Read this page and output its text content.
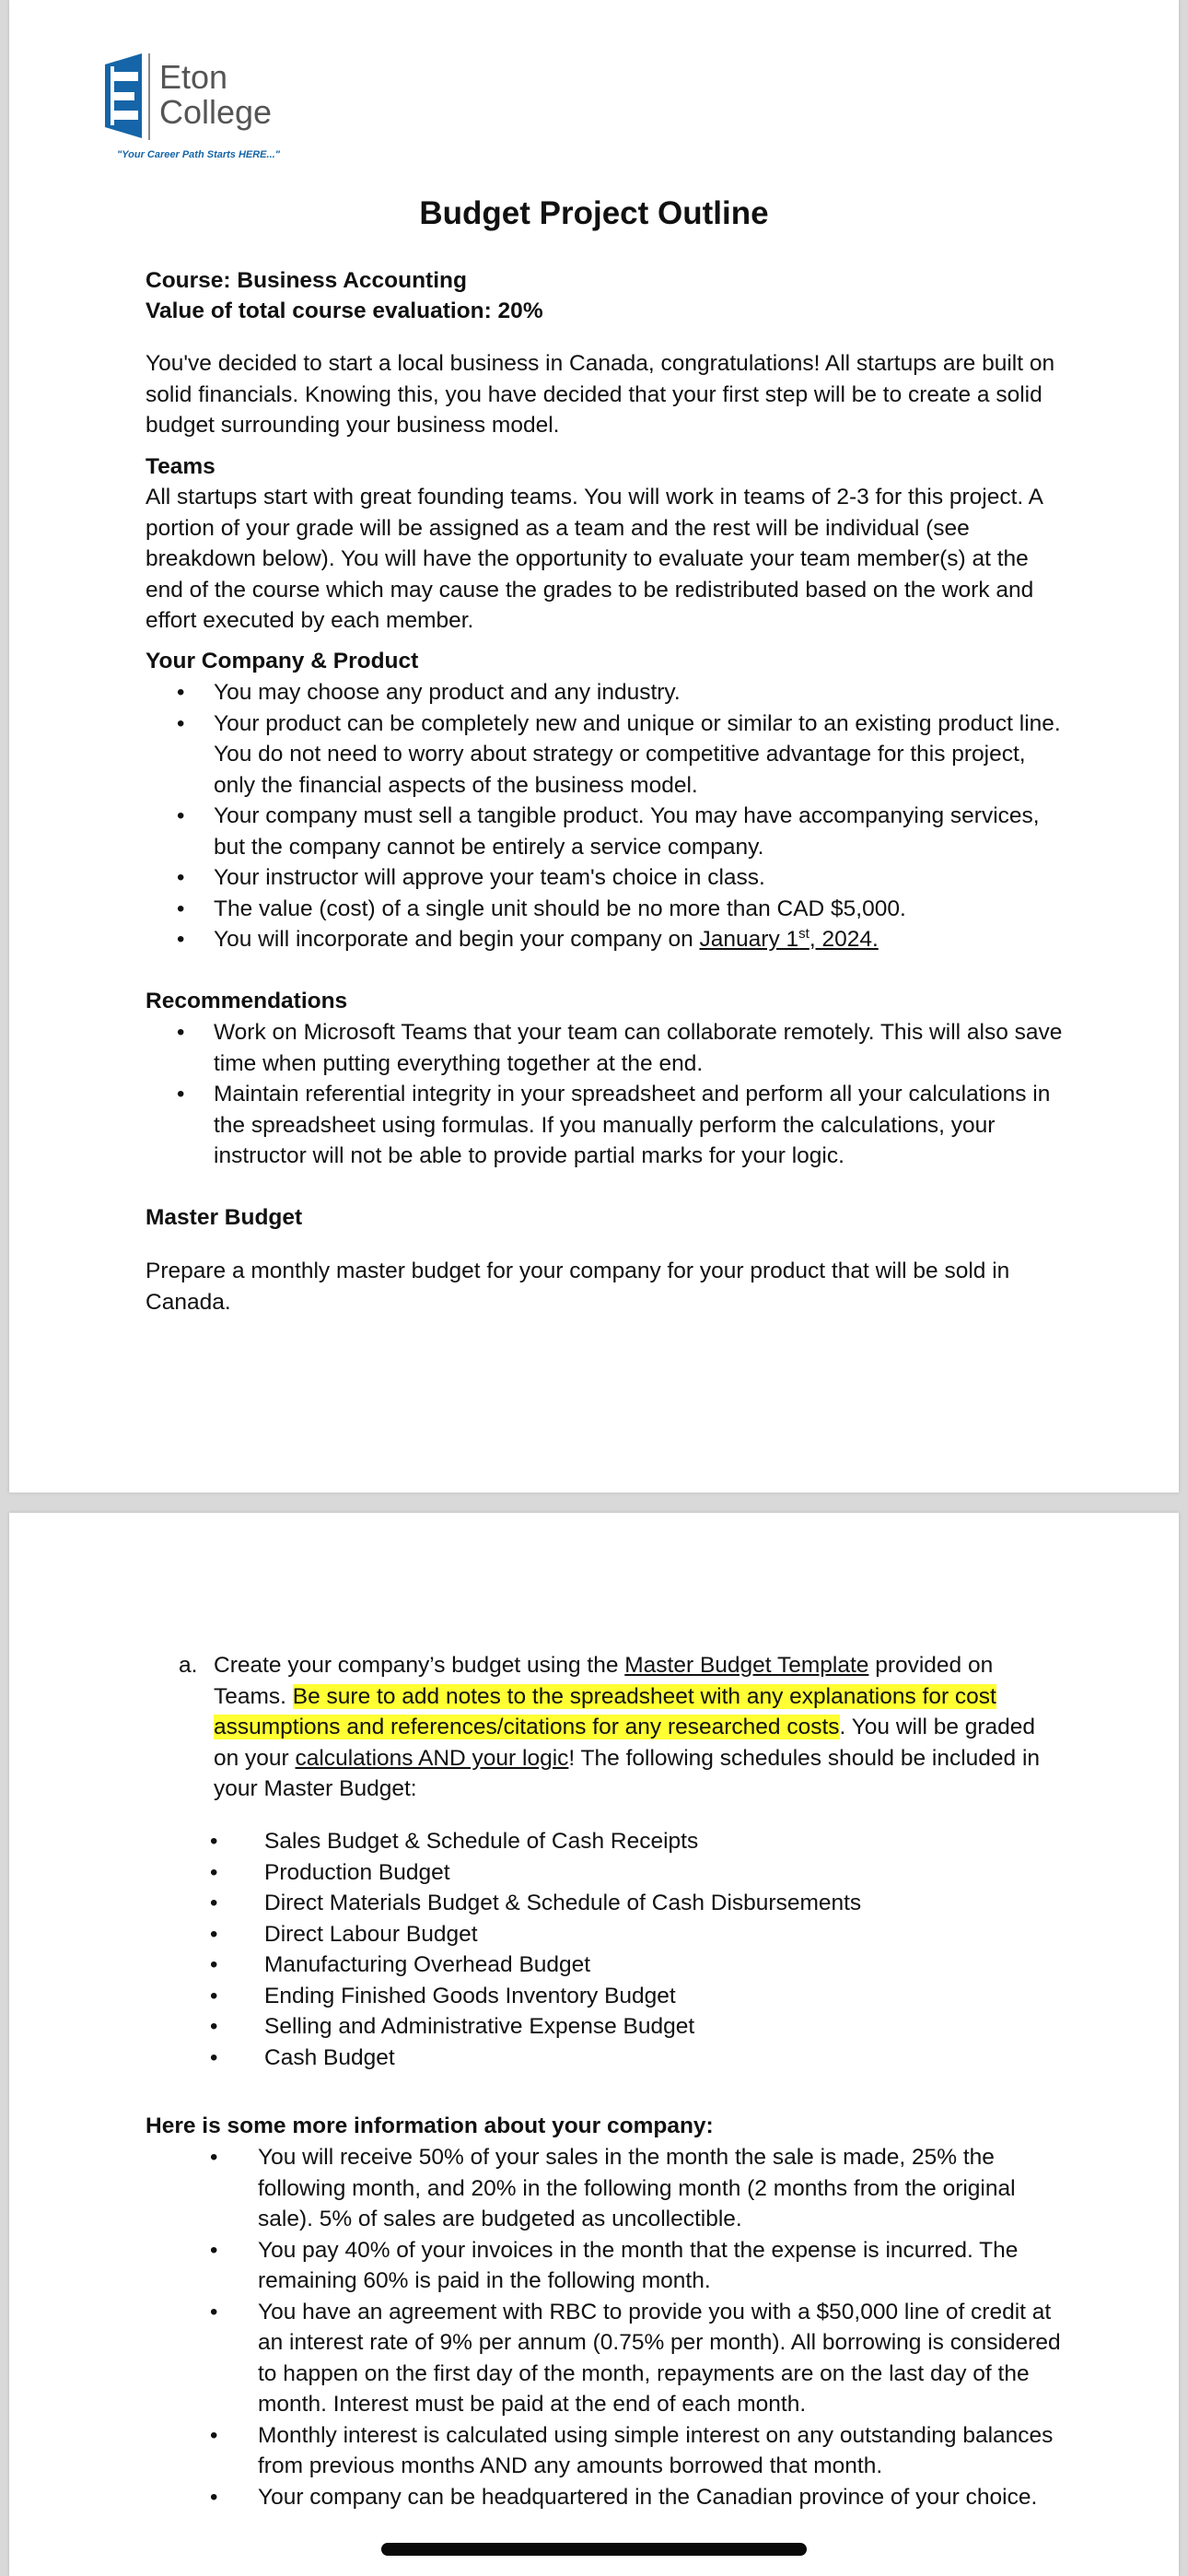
Eton
College
"Your Career Path Starts HERE..."
Budget Project Outline
Course: Business Accounting
Value of total course evaluation: 20%
You've decided to start a local business in Canada, congratulations! All startups are built on solid financials. Knowing this, you have decided that your first step will be to create a solid budget surrounding your business model.
Teams
All startups start with great founding teams. You will work in teams of 2-3 for this project. A portion of your grade will be assigned as a team and the rest will be individual (see breakdown below). You will have the opportunity to evaluate your team member(s) at the end of the course which may cause the grades to be redistributed based on the work and effort executed by each member.
Your Company & Product
• You may choose any product and any industry.
• Your product can be completely new and unique or similar to an existing product line. You do not need to worry about strategy or competitive advantage for this project, only the financial aspects of the business model.
• Your company must sell a tangible product. You may have accompanying services, but the company cannot be entirely a service company.
• Your instructor will approve your team's choice in class.
• The value (cost) of a single unit should be no more than CAD $5,000.
• You will incorporate and begin your company on January 1st, 2024.
Recommendations
• Work on Microsoft Teams that your team can collaborate remotely. This will also save time when putting everything together at the end.
• Maintain referential integrity in your spreadsheet and perform all your calculations in the spreadsheet using formulas. If you manually perform the calculations, your instructor will not be able to provide partial marks for your logic.
Master Budget
Prepare a monthly master budget for your company for your product that will be sold in Canada.
a. Create your company’s budget using the Master Budget Template provided on Teams. Be sure to add notes to the spreadsheet with any explanations for cost assumptions and references/citations for any researched costs. You will be graded on your calculations AND your logic! The following schedules should be included in your Master Budget:
• Sales Budget & Schedule of Cash Receipts
• Production Budget
• Direct Materials Budget & Schedule of Cash Disbursements
• Direct Labour Budget
• Manufacturing Overhead Budget
• Ending Finished Goods Inventory Budget
• Selling and Administrative Expense Budget
• Cash Budget
Here is some more information about your company:
• You will receive 50% of your sales in the month the sale is made, 25% the following month, and 20% in the following month (2 months from the original sale). 5% of sales are budgeted as uncollectible.
• You pay 40% of your invoices in the month that the expense is incurred. The remaining 60% is paid in the following month.
• You have an agreement with RBC to provide you with a $50,000 line of credit at an interest rate of 9% per annum (0.75% per month). All borrowing is considered to happen on the first day of the month, repayments are on the last day of the month. Interest must be paid at the end of each month.
• Monthly interest is calculated using simple interest on any outstanding balances from previous months AND any amounts borrowed that month.
• Your company can be headquartered in the Canadian province of your choice.
